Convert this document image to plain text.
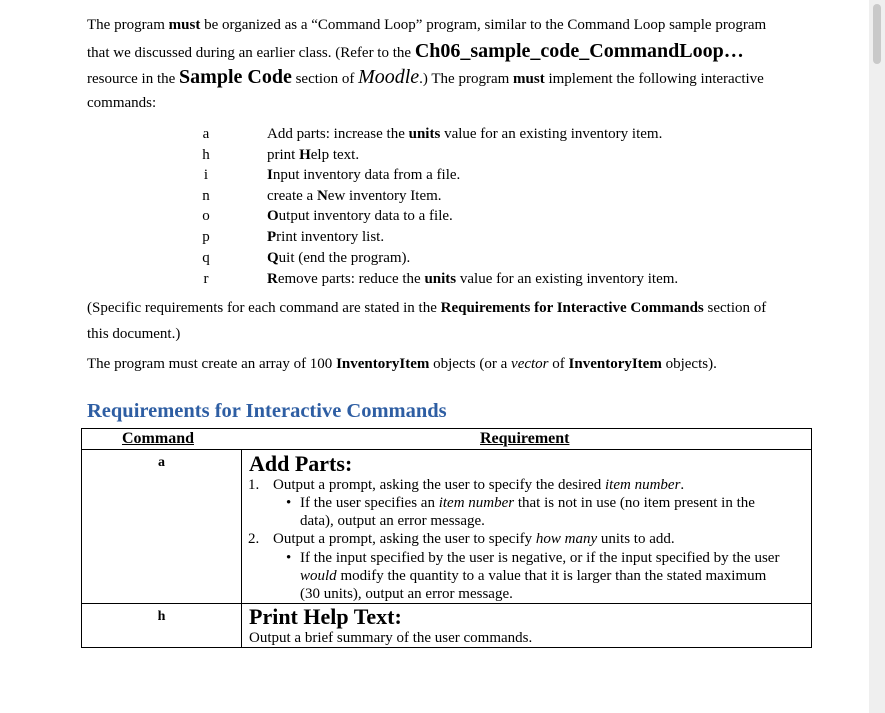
The program must be organized as a “Command Loop” program, similar to the Command Loop sample program
that we discussed during an earlier class. (Refer to the Ch06_sample_code_CommandLoop…
resource in the Sample Code section of Moodle.) The program must implement the following interactive
commands:
a	Add parts: increase the units value for an existing inventory item.
h	print Help text.
i	Input inventory data from a file.
n	create a New inventory Item.
o	Output inventory data to a file.
p	Print inventory list.
q	Quit (end the program).
r	Remove parts: reduce the units value for an existing inventory item.
(Specific requirements for each command are stated in the Requirements for Interactive Commands section of
this document.)
The program must create an array of 100 InventoryItem objects (or a vector of InventoryItem objects).
Requirements for Interactive Commands
Command	Requirement
a	Add Parts:
1. Output a prompt, asking the user to specify the desired item number.
• If the user specifies an item number that is not in use (no item present in the
data), output an error message.
2. Output a prompt, asking the user to specify how many units to add.
• If the input specified by the user is negative, or if the input specified by the user
would modify the quantity to a value that it is larger than the stated maximum
(30 units), output an error message.
h	Print Help Text:
Output a brief summary of the user commands.
